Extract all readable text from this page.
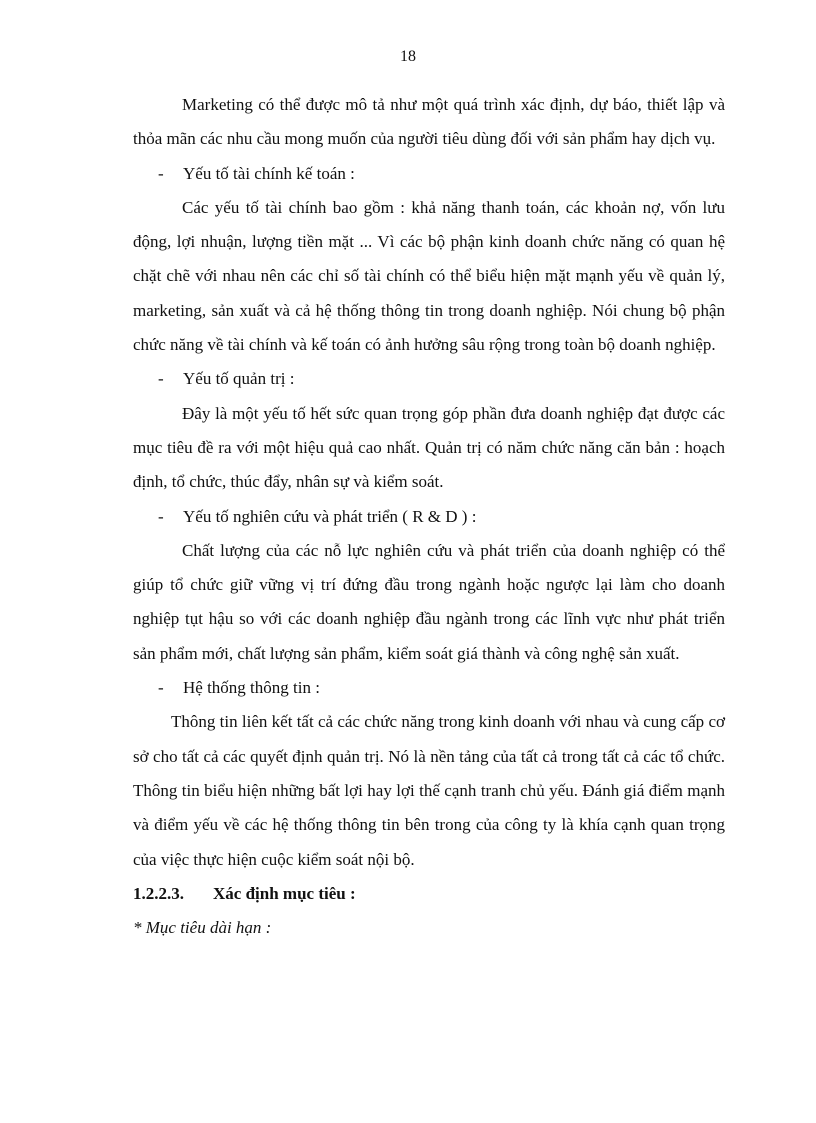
18

Marketing có thể được mô tả như một quá trình xác định, dự báo, thiết lập và thỏa mãn các nhu cầu mong muốn của người tiêu dùng đối với sản phẩm hay dịch vụ.

- Yếu tố tài chính kế toán :

Các yếu tố tài chính bao gồm : khả năng thanh toán, các khoản nợ, vốn lưu động, lợi nhuận, lượng tiền mặt ... Vì các bộ phận kinh doanh chức năng có quan hệ chặt chẽ với nhau nên các chỉ số tài chính có thể biểu hiện mặt mạnh yếu về quản lý, marketing, sản xuất và cả hệ thống thông tin trong doanh nghiệp. Nói chung bộ phận chức năng về tài chính và kế toán có ảnh hưởng sâu rộng trong toàn bộ doanh nghiệp.

- Yếu tố quản trị :

Đây là một yếu tố hết sức quan trọng góp phần đưa doanh nghiệp đạt được các mục tiêu đề ra với một hiệu quả cao nhất. Quản trị có năm chức năng căn bản : hoạch định, tổ chức, thúc đẩy, nhân sự và kiểm soát.

- Yếu tố nghiên cứu và phát triển ( R & D ) :

Chất lượng của các nỗ lực nghiên cứu và phát triển của doanh nghiệp có thể giúp tổ chức giữ vững vị trí đứng đầu trong ngành hoặc ngược lại làm cho doanh nghiệp tụt hậu so với các doanh nghiệp đầu ngành trong các lĩnh vực như phát triển sản phẩm mới, chất lượng sản phẩm, kiểm soát giá thành và công nghệ sản xuất.

- Hệ thống thông tin :

Thông tin liên kết tất cả các chức năng trong kinh doanh với nhau và cung cấp cơ sở cho tất cả các quyết định quản trị. Nó là nền tảng của tất cả trong tất cả các tổ chức. Thông tin biểu hiện những bất lợi hay lợi thế cạnh tranh chủ yếu. Đánh giá điểm mạnh và điểm yếu về các hệ thống thông tin bên trong của công ty là khía cạnh quan trọng của việc thực hiện cuộc kiểm soát nội bộ.

1.2.2.3. Xác định mục tiêu :

* Mục tiêu dài hạn :
